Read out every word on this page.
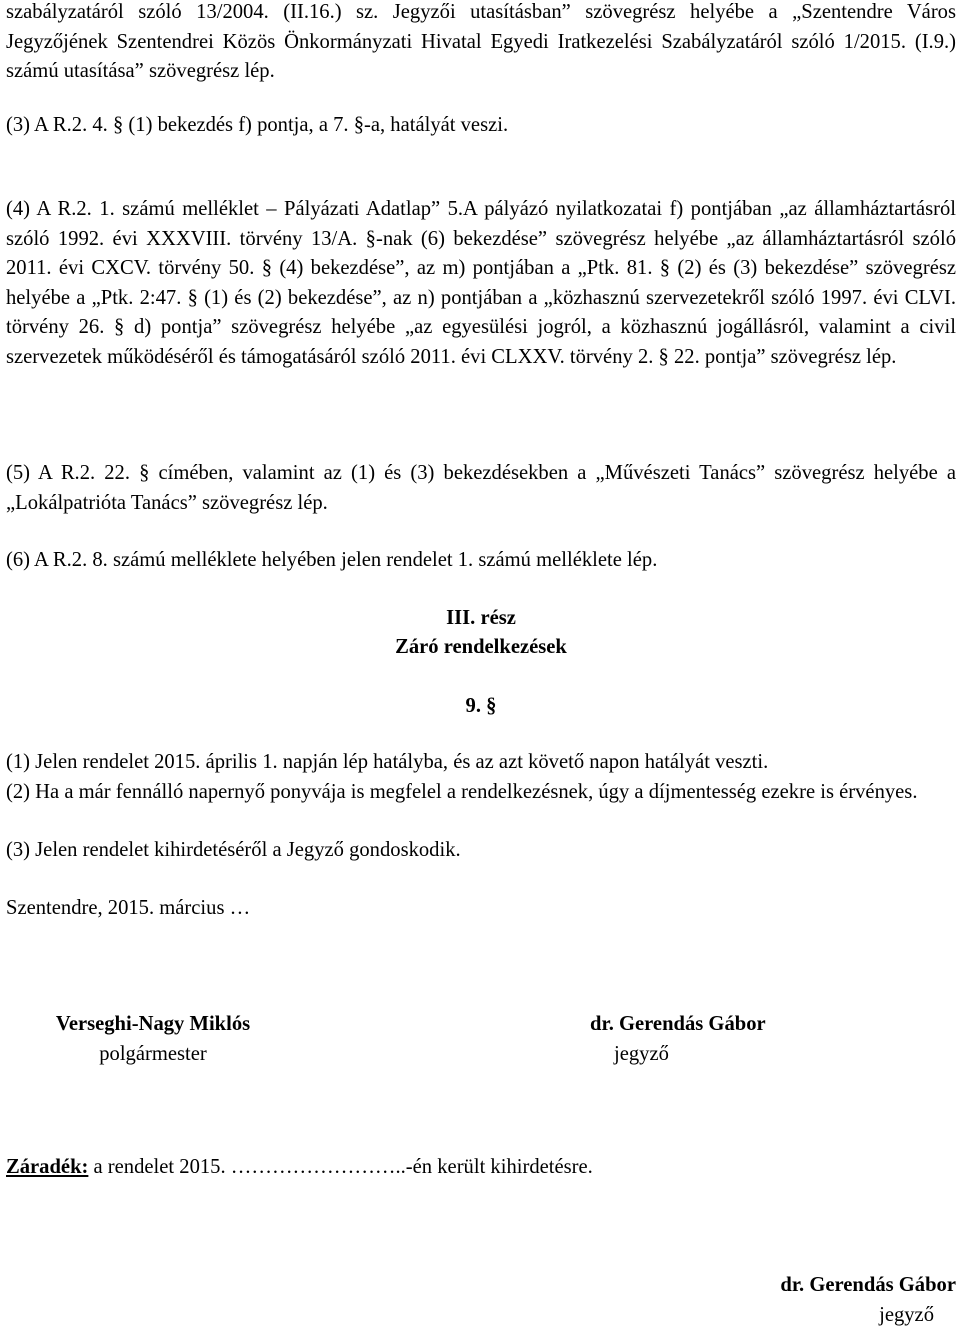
szabályzatáról szóló 13/2004. (II.16.) sz. Jegyzői utasításban” szövegrész helyébe a „Szentendre Város Jegyzőjének Szentendrei Közös Önkormányzati Hivatal Egyedi Iratkezelési Szabályzatáról szóló 1/2015. (I.9.) számú utasítása” szövegrész lép.

(3) A R.2. 4. § (1) bekezdés f) pontja, a 7. §-a, hatályát veszi.

(4) A R.2. 1. számú melléklet – Pályázati Adatlap” 5.A pályázó nyilatkozatai f) pontjában „az államháztartásról szóló 1992. évi XXXVIII. törvény 13/A. §-nak (6) bekezdése” szövegrész helyébe „az államháztartásról szóló 2011. évi CXCV. törvény 50. § (4) bekezdése”, az m) pontjában a „Ptk. 81. § (2) és (3) bekezdése” szövegrész helyébe a „Ptk. 2:47. § (1) és (2) bekezdése”, az n) pontjában a „közhasznú szervezetekről szóló 1997. évi CLVI. törvény 26. § d) pontja” szövegrész helyébe „az egyesülési jogról, a közhasznú jogállásról, valamint a civil szervezetek működéséről és támogatásáról szóló 2011. évi CLXXV. törvény 2. § 22. pontja” szövegrész lép.

(5) A R.2. 22. § címében, valamint az (1) és (3) bekezdésekben a „Művészeti Tanács” szövegrész helyébe a „Lokálpatrióta Tanács” szövegrész lép.

(6) A R.2. 8. számú melléklete helyében jelen rendelet 1. számú melléklete lép.

III. rész
Záró rendelkezések
9. §

(1) Jelen rendelet 2015. április 1. napján lép hatályba, és az azt követő napon hatályát veszti.

(2) Ha a már fennálló napernyő ponyvája is megfelel a rendelkezésnek, úgy a díjmentesség ezekre is érvényes.

(3) Jelen rendelet kihirdetéséről a Jegyző gondoskodik.

Szentendre, 2015. március …
Verseghi-Nagy Miklós
polgármester
dr. Gerendás Gábor
jegyző
Záradék: a rendelet 2015. ……………………..-én került kihirdetésre.
dr. Gerendás Gábor
jegyző
